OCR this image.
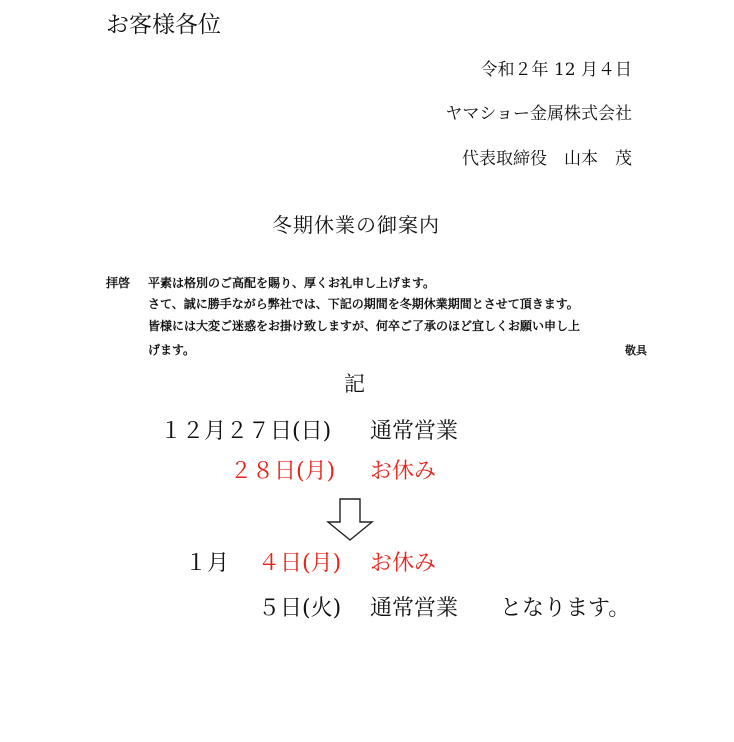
お客様各位
令和２年 12 月４日
ヤマショー金属株式会社
代表取締役　山本　茂
冬期休業の御案内
拝啓 平素は格別のご高配を賜り、厚くお礼申し上げます。
さて、誠に勝手ながら弊社では、下記の期間を冬期休業期間とさせて頂きます。
皆様には大変ご迷惑をお掛け致しますが、何卒ご了承のほど宜しくお願い申し上
げます。	敬具
記
１２月２７日(日) 通常営業
２８日(月) お休み
１月 ４日(月) お休み
５日(火) 通常営業 となります。
